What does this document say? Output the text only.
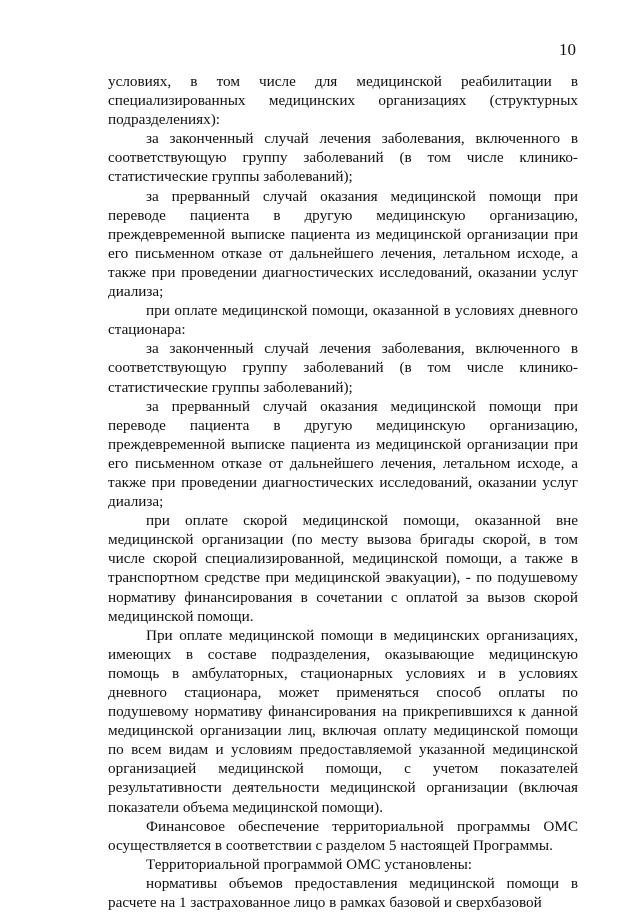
10

условиях, в том числе для медицинской реабилитации в специализированных медицинских организациях (структурных подразделениях):

за законченный случай лечения заболевания, включенного в соответствующую группу заболеваний (в том числе клинико-статистические группы заболеваний);

за прерванный случай оказания медицинской помощи при переводе пациента в другую медицинскую организацию, преждевременной выписке пациента из медицинской организации при его письменном отказе от дальнейшего лечения, летальном исходе, а также при проведении диагностических исследований, оказании услуг диализа;

при оплате медицинской помощи, оказанной в условиях дневного стационара:

за законченный случай лечения заболевания, включенного в соответствующую группу заболеваний (в том числе клинико-статистические группы заболеваний);

за прерванный случай оказания медицинской помощи при переводе пациента в другую медицинскую организацию, преждевременной выписке пациента из медицинской организации при его письменном отказе от дальнейшего лечения, летальном исходе, а также при проведении диагностических исследований, оказании услуг диализа;

при оплате скорой медицинской помощи, оказанной вне медицинской организации (по месту вызова бригады скорой, в том числе скорой специализированной, медицинской помощи, а также в транспортном средстве при медицинской эвакуации), - по подушевому нормативу финансирования в сочетании с оплатой за вызов скорой медицинской помощи.

При оплате медицинской помощи в медицинских организациях, имеющих в составе подразделения, оказывающие медицинскую помощь в амбулаторных, стационарных условиях и в условиях дневного стационара, может применяться способ оплаты по подушевому нормативу финансирования на прикрепившихся к данной медицинской организации лиц, включая оплату медицинской помощи по всем видам и условиям предоставляемой указанной медицинской организацией медицинской помощи, с учетом показателей результативности деятельности медицинской организации (включая показатели объема медицинской помощи).

Финансовое обеспечение территориальной программы ОМС осуществляется в соответствии с разделом 5 настоящей Программы.

Территориальной программой ОМС установлены:

нормативы объемов предоставления медицинской помощи в расчете на 1 застрахованное лицо в рамках базовой и сверхбазовой
